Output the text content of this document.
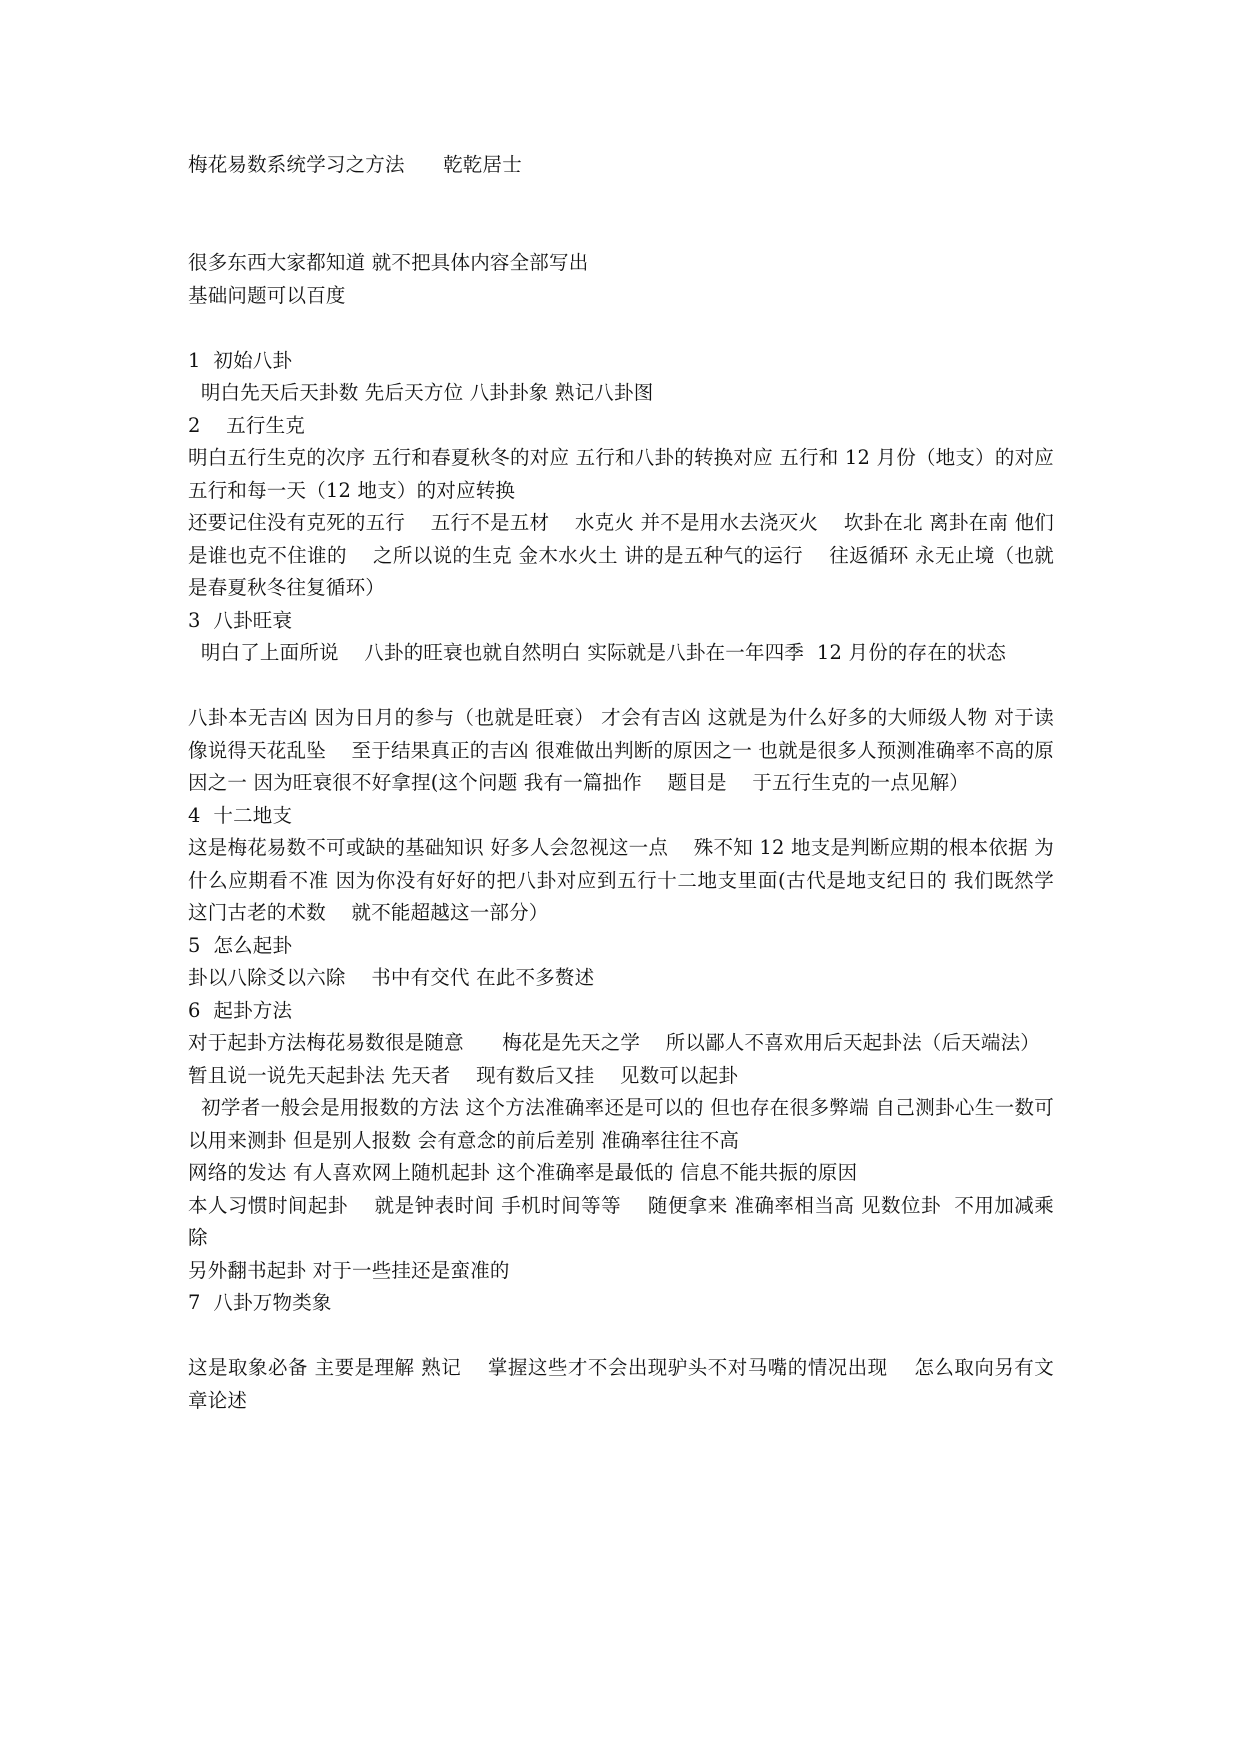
梅花易数系统学习之方法      乾乾居士
很多东西大家都知道 就不把具体内容全部写出
基础问题可以百度
1  初始八卦
明白先天后天卦数 先后天方位 八卦卦象 熟记八卦图
2    五行生克
明白五行生克的次序 五行和春夏秋冬的对应 五行和八卦的转换对应 五行和 12 月份（地支）的对应    五行和每一天（12 地支）的对应转换
还要记住没有克死的五行    五行不是五材    水克火 并不是用水去浇灭火    坎卦在北 离卦在南 他们是谁也克不住谁的    之所以说的生克 金木水火土 讲的是五种气的运行    往返循环 永无止境（也就是春夏秋冬往复循环）
3  八卦旺衰
明白了上面所说    八卦的旺衰也就自然明白 实际就是八卦在一年四季  12 月份的存在的状态
八卦本无吉凶 因为日月的参与（也就是旺衰） 才会有吉凶 这就是为什么好多的大师级人物 对于读像说得天花乱坠    至于结果真正的吉凶 很难做出判断的原因之一 也就是很多人预测准确率不高的原因之一 因为旺衰很不好拿捏(这个问题 我有一篇拙作    题目是    于五行生克的一点见解）
4  十二地支
这是梅花易数不可或缺的基础知识 好多人会忽视这一点    殊不知 12 地支是判断应期的根本依据 为什么应期看不准 因为你没有好好的把八卦对应到五行十二地支里面(古代是地支纪日的 我们既然学这门古老的术数    就不能超越这一部分）
5  怎么起卦
卦以八除爻以六除    书中有交代 在此不多赘述
6  起卦方法
对于起卦方法梅花易数很是随意      梅花是先天之学    所以鄙人不喜欢用后天起卦法（后天端法）
暂且说一说先天起卦法 先天者    现有数后又挂    见数可以起卦
初学者一般会是用报数的方法 这个方法准确率还是可以的 但也存在很多弊端 自己测卦心生一数可以用来测卦 但是别人报数 会有意念的前后差别 准确率往往不高
网络的发达 有人喜欢网上随机起卦 这个准确率是最低的 信息不能共振的原因
本人习惯时间起卦    就是钟表时间 手机时间等等    随便拿来 准确率相当高 见数位卦  不用加减乘除
另外翻书起卦 对于一些挂还是蛮准的
7  八卦万物类象
这是取象必备 主要是理解 熟记    掌握这些才不会出现驴头不对马嘴的情况出现    怎么取向另有文章论述
